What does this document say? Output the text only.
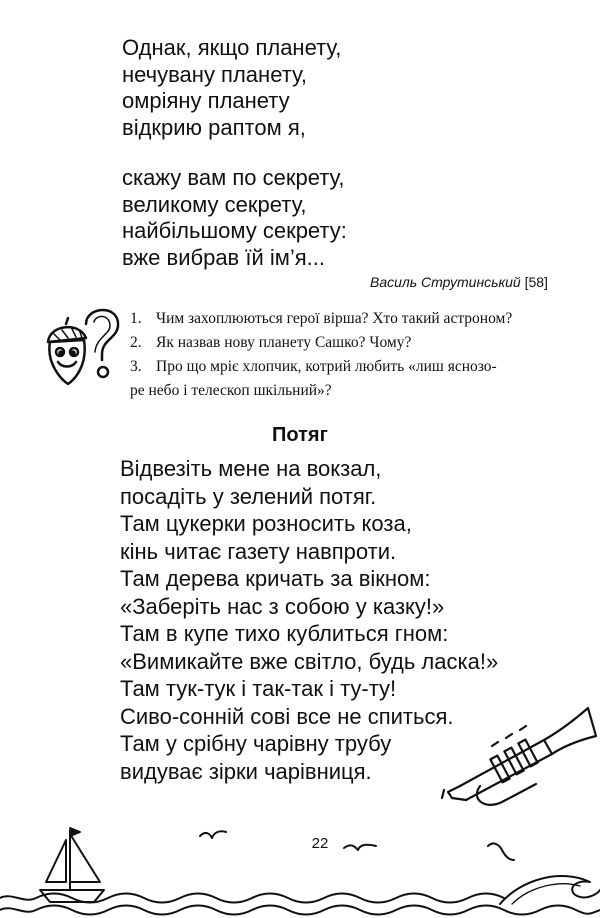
Однак, якщо планету,
нечувану планету,
омріяну планету
відкрию раптом я,
скажу вам по секрету,
великому секрету,
найбільшому секрету:
вже вибрав їй ім’я...
Василь Струтинський [58]
1. Чим захоплюються герої вірша? Хто такий астроном?
2. Як назвав нову планету Сашко? Чому?
3. Про що мріє хлопчик, котрий любить «лиш яснозо-
ре небо і телескоп шкільний»?
Потяг
Відвезіть мене на вокзал,
посадіть у зелений потяг.
Там цукерки розносить коза,
кінь читає газету навпроти.
Там дерева кричать за вікном:
«Заберіть нас з собою у казку!»
Там в купе тихо кублиться гном:
«Вимикайте вже світло, будь ласка!»
Там тук-тук і так-так і ту-ту!
Сиво-сонній сові все не спиться.
Там у срібну чарівну трубу
видуває зірки чарівниця.
22
